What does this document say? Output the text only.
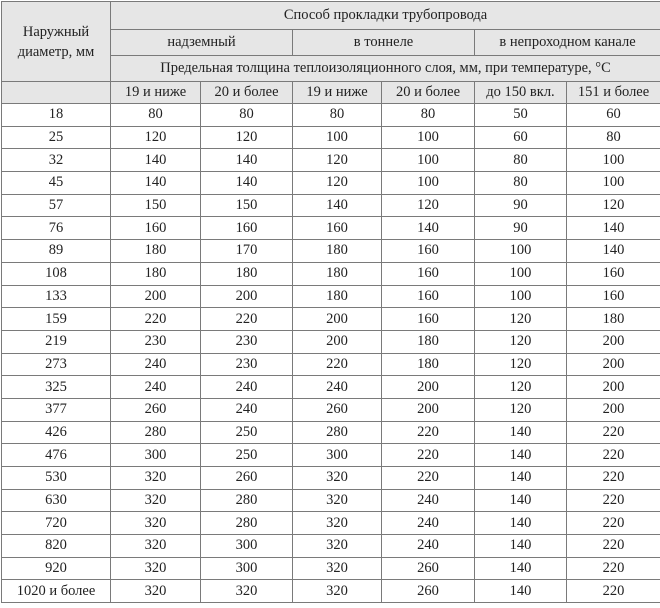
Наружный диаметр, мм	Способ прокладки трубопровода					
	надземный		в тоннеле		в непроходном канале	
	Предельная толщина теплоизоляционного слоя, мм, при температуре, °С					
	19 и ниже	20 и более	19 и ниже	20 и более	до 150 вкл.	151 и более
18	80	80	80	80	50	60
25	120	120	100	100	60	80
32	140	140	120	100	80	100
45	140	140	120	100	80	100
57	150	150	140	120	90	120
76	160	160	160	140	90	140
89	180	170	180	160	100	140
108	180	180	180	160	100	160
133	200	200	180	160	100	160
159	220	220	200	160	120	180
219	230	230	200	180	120	200
273	240	230	220	180	120	200
325	240	240	240	200	120	200
377	260	240	260	200	120	200
426	280	250	280	220	140	220
476	300	250	300	220	140	220
530	320	260	320	220	140	220
630	320	280	320	240	140	220
720	320	280	320	240	140	220
820	320	300	320	240	140	220
920	320	300	320	260	140	220
1020 и более	320	320	320	260	140	220
